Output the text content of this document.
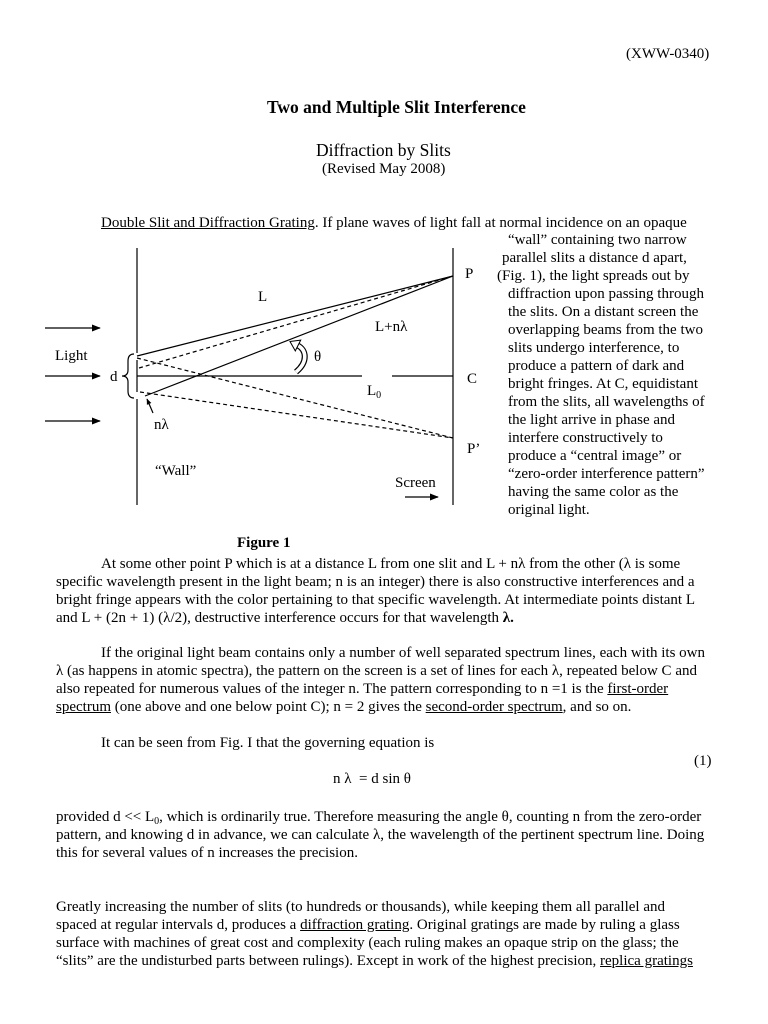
(XWW-0340)
Two and Multiple Slit Interference
Diffraction by Slits
(Revised May 2008)
Double Slit and Diffraction Grating. If plane waves of light fall at normal incidence on an opaque
“wall” containing two narrow
parallel slits a distance d apart,
(Fig. 1), the light spreads out by
diffraction upon passing through
the slits. On a distant screen the
overlapping beams from the two
slits undergo interference, to
produce a pattern of dark and
bright fringes. At C, equidistant
from the slits, all wavelengths of
the light arrive in phase and
interfere constructively to
produce a “central image” or
“zero-order interference pattern”
having the same color as the
original light.
Light
d
nλ
“Wall”
L
L+nλ
θ
$L_0$
P
C
P’
Screen
Figure 1
At some other point P which is at a distance L from one slit and L + nλ from the other (λ is some
specific wavelength present in the light beam; n is an integer) there is also constructive interferences and a
bright fringe appears with the color pertaining to that specific wavelength. At intermediate points distant L
and L + (2n + 1) (λ/2), destructive interference occurs for that wavelength λ.
If the original light beam contains only a number of well separated spectrum lines, each with its own
λ (as happens in atomic spectra), the pattern on the screen is a set of lines for each λ, repeated below C and
also repeated for numerous values of the integer n. The pattern corresponding to n =1 is the first-order
spectrum (one above and one below point C); n = 2 gives the second-order spectrum, and so on.
It can be seen from Fig. I that the governing equation is
(1)
n λ  = d sin θ
provided $d << L_0$, which is ordinarily true. Therefore measuring the angle θ, counting n from the zero-order
pattern, and knowing d in advance, we can calculate λ, the wavelength of the pertinent spectrum line. Doing
this for several values of n increases the precision.
Greatly increasing the number of slits (to hundreds or thousands), while keeping them all parallel and
spaced at regular intervals d, produces a diffraction grating. Original gratings are made by ruling a glass
surface with machines of great cost and complexity (each ruling makes an opaque strip on the glass; the
“slits” are the undisturbed parts between rulings). Except in work of the highest precision, replica gratings
